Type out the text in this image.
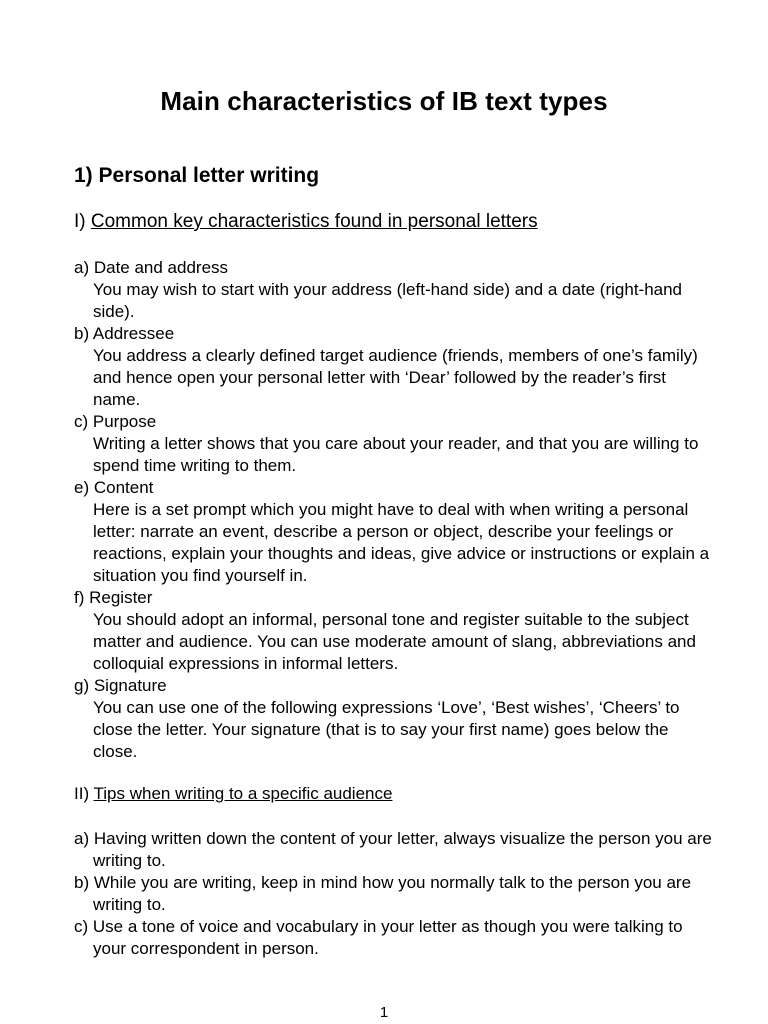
Main characteristics of IB text types
1) Personal letter writing
I) Common key characteristics found in personal letters
a) Date and address
You may wish to start with your address (left-hand side) and a date (right-hand side).
b) Addressee
You address a clearly defined target audience (friends, members of one’s family) and hence open your personal letter with ‘Dear’ followed by the reader’s first name.
c) Purpose
Writing a letter shows that you care about your reader, and that you are willing to spend time writing to them.
e) Content
Here is a set prompt which you might have to deal with when writing a personal letter: narrate an event, describe a person or object, describe your feelings or reactions, explain your thoughts and ideas, give advice or instructions or explain a situation you find yourself in.
f) Register
You should adopt an informal, personal tone and register suitable to the subject matter and audience. You can use moderate amount of slang, abbreviations and colloquial expressions in informal letters.
g) Signature
You can use one of the following expressions ‘Love’, ‘Best wishes’, ‘Cheers’ to close the letter. Your signature (that is to say your first name) goes below the close.
II) Tips when writing to a specific audience
a) Having written down the content of your letter, always visualize the person you are writing to.
b) While you are writing, keep in mind how you normally talk to the person you are writing to.
c) Use a tone of voice and vocabulary in your letter as though you were talking to your correspondent in person.
1
